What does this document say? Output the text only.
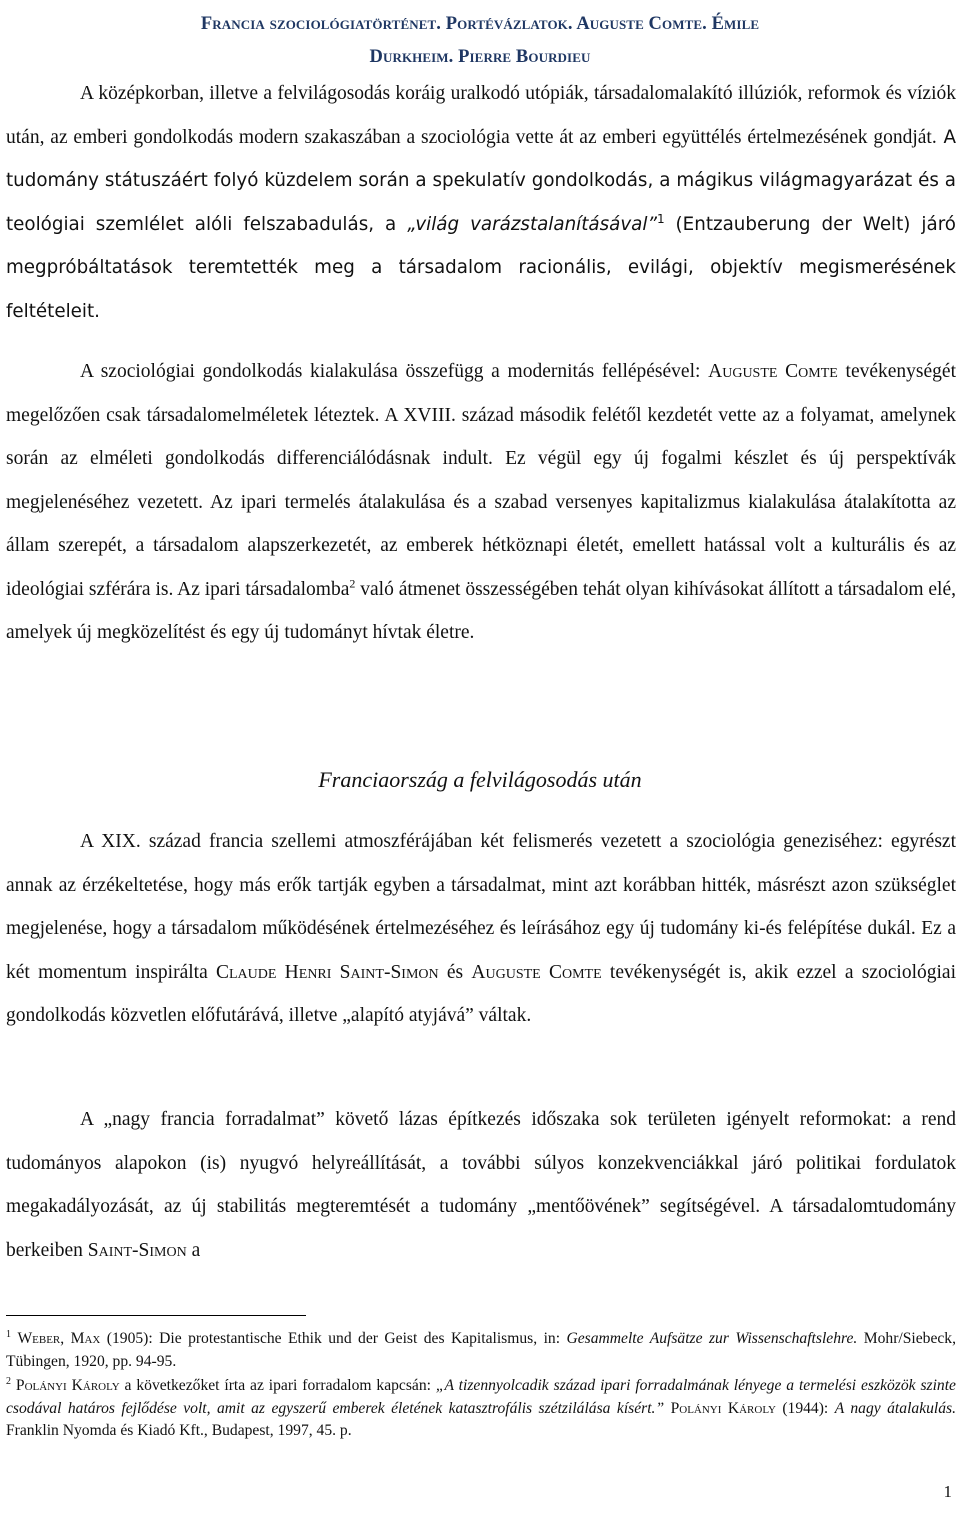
Francia szociológiatörténet. Portévázlatok. Auguste Comte. Émile
Durkheim. Pierre Bourdieu
A középkorban, illetve a felvilágosodás koráig uralkodó utópiák, társadalomalakító illúziók, reformok és víziók után, az emberi gondolkodás modern szakaszában a szociológia vette át az emberi együttélés értelmezésének gondját. A tudomány státuszáért folyó küzdelem során a spekulatív gondolkodás, a mágikus világmagyarázat és a teológiai szemlélet alóli felszabadulás, a „világ varázstalanításával”$^1$ (Entzauberung der Welt) járó megpróbáltatások teremtették meg a társadalom racionális, evilági, objektív megismerésének feltételeit.
A szociológiai gondolkodás kialakulása összefügg a modernitás fellépésével: Auguste Comte tevékenységét megelőzően csak társadalomelméletek léteztek. A XVIII. század második felétől kezdetét vette az a folyamat, amelynek során az elméleti gondolkodás differenciálódásnak indult. Ez végül egy új fogalmi készlet és új perspektívák megjelenéséhez vezetett. Az ipari termelés átalakulása és a szabad versenyes kapitalizmus kialakulása átalakította az állam szerepét, a társadalom alapszerkezetét, az emberek hétköznapi életét, emellett hatással volt a kulturális és az ideológiai szférára is. Az ipari társadalomba$^2$ való átmenet összességében tehát olyan kihívásokat állított a társadalom elé, amelyek új megközelítést és egy új tudományt hívtak életre.
Franciaország a felvilágosodás után
A XIX. század francia szellemi atmoszférájában két felismerés vezetett a szociológia geneziséhez: egyrészt annak az érzékeltetése, hogy más erők tartják egyben a társadalmat, mint azt korábban hitték, másrészt azon szükséglet megjelenése, hogy a társadalom működésének értelmezéséhez és leírásához egy új tudomány ki-és felépítése dukál. Ez a két momentum inspirálta Claude Henri Saint-Simon és Auguste Comte tevékenységét is, akik ezzel a szociológiai gondolkodás közvetlen előfutárává, illetve „alapító atyjává” váltak.
A „nagy francia forradalmat” követő lázas építkezés időszaka sok területen igényelt reformokat: a rend tudományos alapokon (is) nyugvó helyreállítását, a további súlyos konzekvenciákkal járó politikai fordulatok megakadályozását, az új stabilitás megteremtését a tudomány „mentőövének” segítségével. A társadalomtudomány berkeiben Saint-Simon a
$^1$ Weber, Max (1905): Die protestantische Ethik und der Geist des Kapitalismus, in: Gesammelte Aufsätze zur Wissenschaftslehre. Mohr/Siebeck, Tübingen, 1920, pp. 94-95.
$^2$ Polányi Károly a következőket írta az ipari forradalom kapcsán: „A tizennyolcadik század ipari forradalmának lényege a termelési eszközök szinte csodával határos fejlődése volt, amit az egyszerű emberek életének katasztrofális szétzilálása kísért.” Polányi Károly (1944): A nagy átalakulás. Franklin Nyomda és Kiadó Kft., Budapest, 1997, 45. p.
1
